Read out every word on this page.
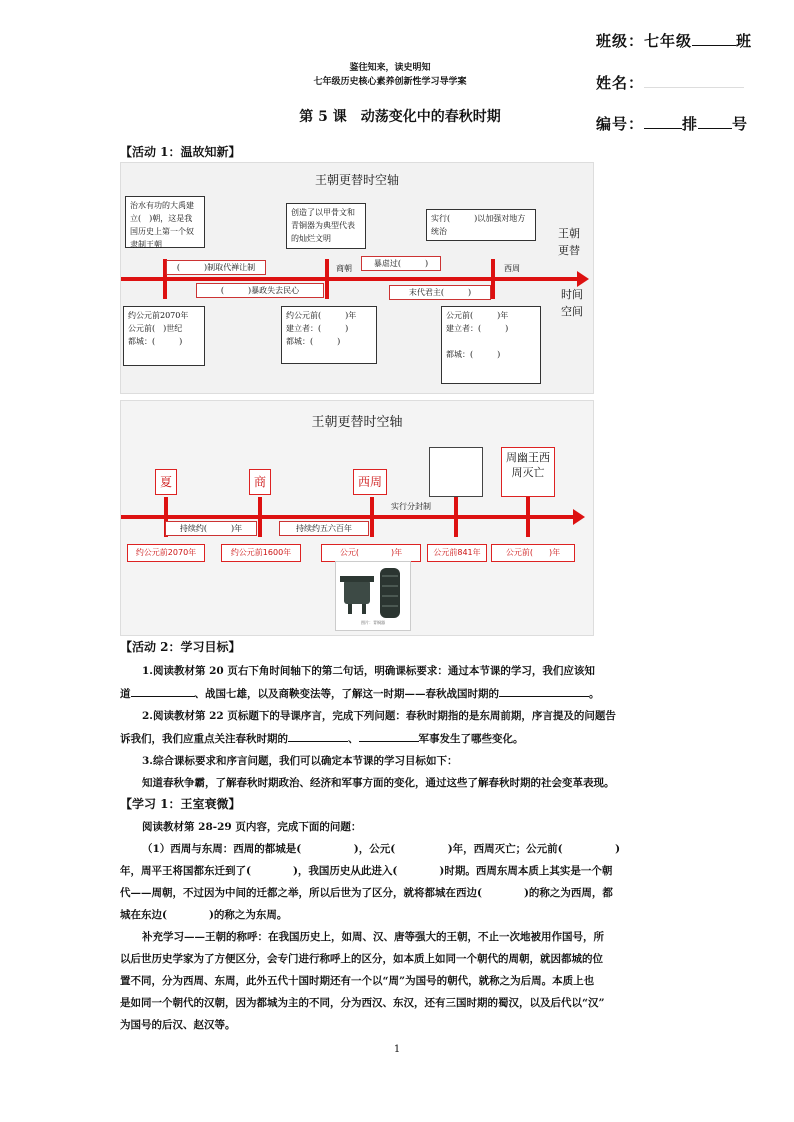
班级：七年级	班
姓名：
编号：	排 号
鉴往知来，读史明知
七年级历史核心素养创新性学习导学案
第 5 课　动荡变化中的春秋时期
【活动 1：温故知新】
王朝更替时空轴
王朝更替
时间空间
治水有功的大禹建立(　)朝，这是我国历史上第一个奴隶制王朝
创造了以甲骨文和青铜器为典型代表的灿烂文明
实行(　　　)以加强对地方统治
(　　　)制取代禅让制	商朝
暴虐过(　　　)
西周
(　　　)暴政失去民心	末代君主(　　　)
约公元前2070年
公元前(　)世纪
都城：(　　　)
约公元前(　　　)年
建立者：(　　　)
都城：(　　　)
公元前(　　　)年
建立者：(　　　)

都城：(　　　)
王朝更替时空轴
夏	商	西周
周幽王西周灭亡
实行分封制
持续约(　　　)年	持续约五六百年
约公元前2070年	约公元前1600年	公元(　　　　)年	公元前841年	公元前(　　)年
图片：青铜器
【活动 2：学习目标】
1.阅读教材第 20 页右下角时间轴下的第二句话，明确课标要求：通过本节课的学习，我们应该知
道	、战国七雄，以及商鞅变法等，了解这一时期——春秋战国时期的	。
2.阅读教材第 22 页标题下的导课序言，完成下列问题：春秋时期指的是东周前期，序言提及的问题告
诉我们，我们应重点关注春秋时期的	、	军事发生了哪些变化。
3.综合课标要求和序言问题，我们可以确定本节课的学习目标如下：
知道春秋争霸，了解春秋时期政治、经济和军事方面的变化，通过这些了解春秋时期的社会变革表现。
【学习 1：王室衰微】
阅读教材第 28-29 页内容，完成下面的问题：
（1）西周与东周：西周的都城是(　　　　　)，公元(　　　　　)年，西周灭亡；公元前(　　　　　)
年，周平王将国都东迁到了(　　　　)，我国历史从此进入(　　　　)时期。西周东周本质上其实是一个朝
代——周朝，不过因为中间的迁都之举，所以后世为了区分，就将都城在西边(　　　　)的称之为西周，都
城在东边(　　　　)的称之为东周。
补充学习——王朝的称呼：在我国历史上，如周、汉、唐等强大的王朝，不止一次地被用作国号，所
以后世历史学家为了方便区分，会专门进行称呼上的区分，如本质上如同一个朝代的周朝，就因都城的位
置不同，分为西周、东周，此外五代十国时期还有一个以“周”为国号的朝代，就称之为后周。本质上也
是如同一个朝代的汉朝，因为都城为主的不同，分为西汉、东汉，还有三国时期的蜀汉，以及后代以“汉”
为国号的后汉、赵汉等。
1
